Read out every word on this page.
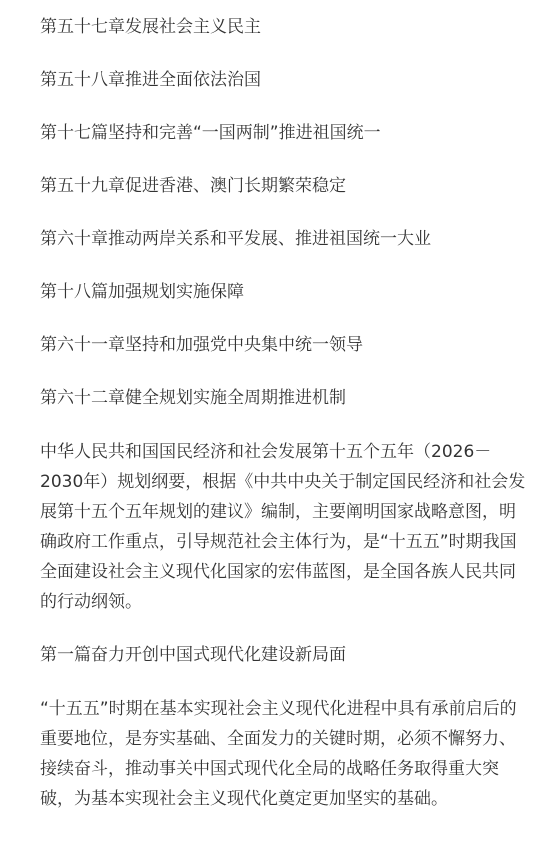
第五十七章发展社会主义民主

第五十八章推进全面依法治国

第十七篇坚持和完善“一国两制”推进祖国统一

第五十九章促进香港、澳门长期繁荣稳定

第六十章推动两岸关系和平发展、推进祖国统一大业

第十八篇加强规划实施保障

第六十一章坚持和加强党中央集中统一领导

第六十二章健全规划实施全周期推进机制

中华人民共和国国民经济和社会发展第十五个五年（2026－2030年）规划纲要，根据《中共中央关于制定国民经济和社会发展第十五个五年规划的建议》编制，主要阐明国家战略意图，明确政府工作重点，引导规范社会主体行为，是“十五五”时期我国全面建设社会主义现代化国家的宏伟蓝图，是全国各族人民共同的行动纲领。

第一篇奋力开创中国式现代化建设新局面

“十五五”时期在基本实现社会主义现代化进程中具有承前启后的重要地位，是夯实基础、全面发力的关键时期，必须不懈努力、接续奋斗，推动事关中国式现代化全局的战略任务取得重大突破，为基本实现社会主义现代化奠定更加坚实的基础。
